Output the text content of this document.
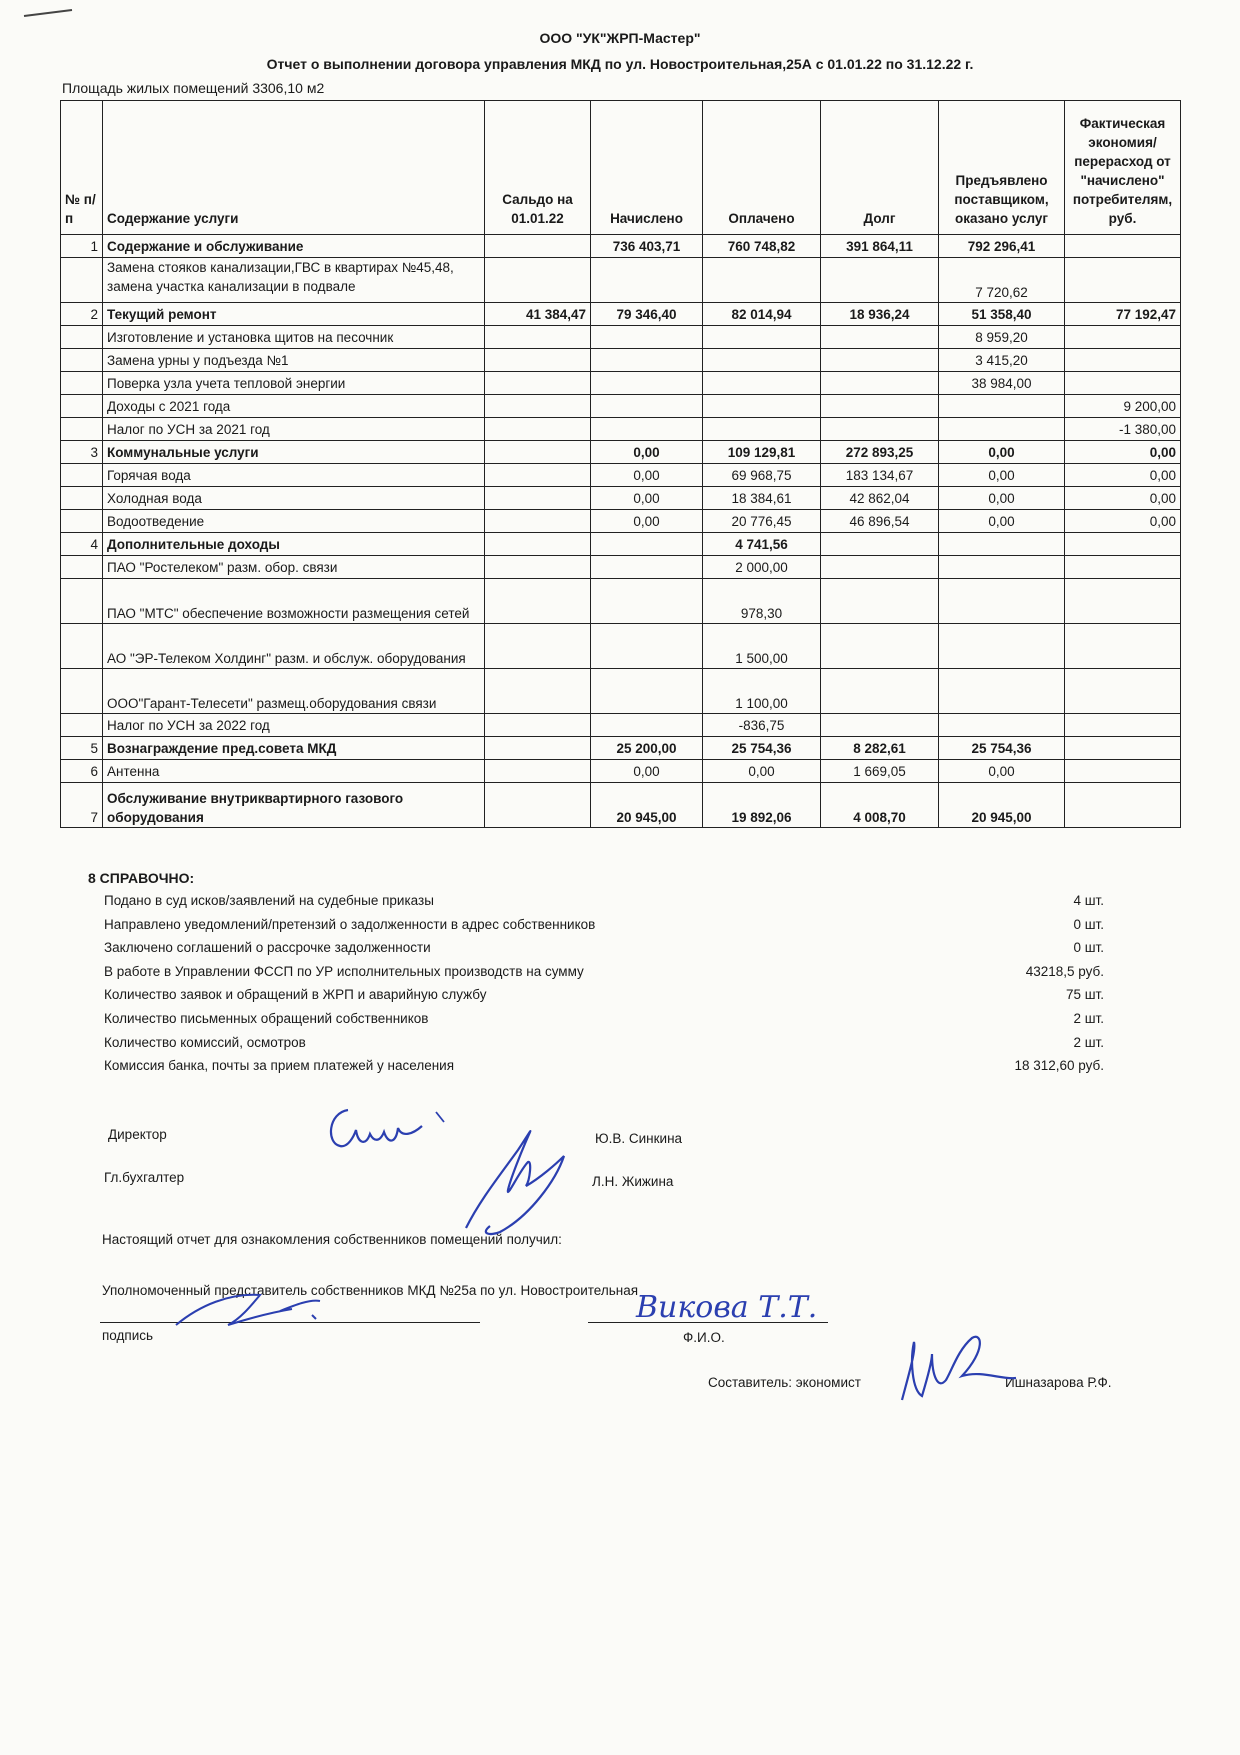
ООО "УК"ЖРП-Мастер"
Отчет о выполнении договора управления МКД по ул. Новостроительная,25А с 01.01.22 по 31.12.22 г.
Площадь жилых помещений 3306,10 м2
№ п/п	Содержание услуги	Сальдо на 01.01.22	Начислено	Оплачено	Долг	Предъявлено поставщиком, оказано услуг	Фактическая экономия/перерасход от "начислено" потребителям, руб.
1	Содержание и обслуживание		736 403,71	760 748,82	391 864,11	792 296,41	
	Замена стояков канализации,ГВС в квартирах №45,48, замена участка канализации в подвале					7 720,62	
2	Текущий ремонт	41 384,47	79 346,40	82 014,94	18 936,24	51 358,40	77 192,47
	Изготовление и установка щитов на песочник					8 959,20	
	Замена урны у подъезда №1					3 415,20	
	Поверка узла учета тепловой энергии					38 984,00	
	Доходы с 2021 года						9 200,00
	Налог по УСН за 2021 год						-1 380,00
3	Коммунальные услуги		0,00	109 129,81	272 893,25	0,00	0,00
	Горячая вода		0,00	69 968,75	183 134,67	0,00	0,00
	Холодная вода		0,00	18 384,61	42 862,04	0,00	0,00
	Водоотведение		0,00	20 776,45	46 896,54	0,00	0,00
4	Дополнительные доходы			4 741,56			
	ПАО "Ростелеком" разм. обор. связи			2 000,00			
	ПАО "МТС" обеспечение возможности размещения сетей			978,30			
	АО "ЭР-Телеком Холдинг" разм. и обслуж. оборудования			1 500,00			
	ООО"Гарант-Телесети" размещ.оборудования связи			1 100,00			
	Налог по УСН за 2022 год			-836,75			
5	Вознаграждение пред.совета МКД		25 200,00	25 754,36	8 282,61	25 754,36	
6	Антенна		0,00	0,00	1 669,05	0,00	
7	Обслуживание внутриквартирного газового оборудования		20 945,00	19 892,06	4 008,70	20 945,00	
8 СПРАВОЧНО:
Подано в суд исков/заявлений на судебные приказы	4 шт.
Направлено уведомлений/претензий о задолженности в адрес собственников	0 шт.
Заключено соглашений о рассрочке задолженности	0 шт.
В работе в Управлении ФССП по УР исполнительных производств на сумму	43218,5 руб.
Количество заявок и обращений в ЖРП и аварийную службу	75 шт.
Количество письменных обращений собственников	2 шт.
Количество комиссий, осмотров	2 шт.
Комиссия банка, почты за прием платежей у населения	18 312,60 руб.
Директор	Ю.В. Синкина
Гл.бухгалтер	Л.Н. Жижина
Настоящий отчет для ознакомления собственников помещений получил:
Уполномоченный представитель собственников МКД №25а по ул. Новостроительная
подпись	Ф.И.О.
Составитель: экономист	Ишназарова Р.Ф.
Викова Т.Т.
